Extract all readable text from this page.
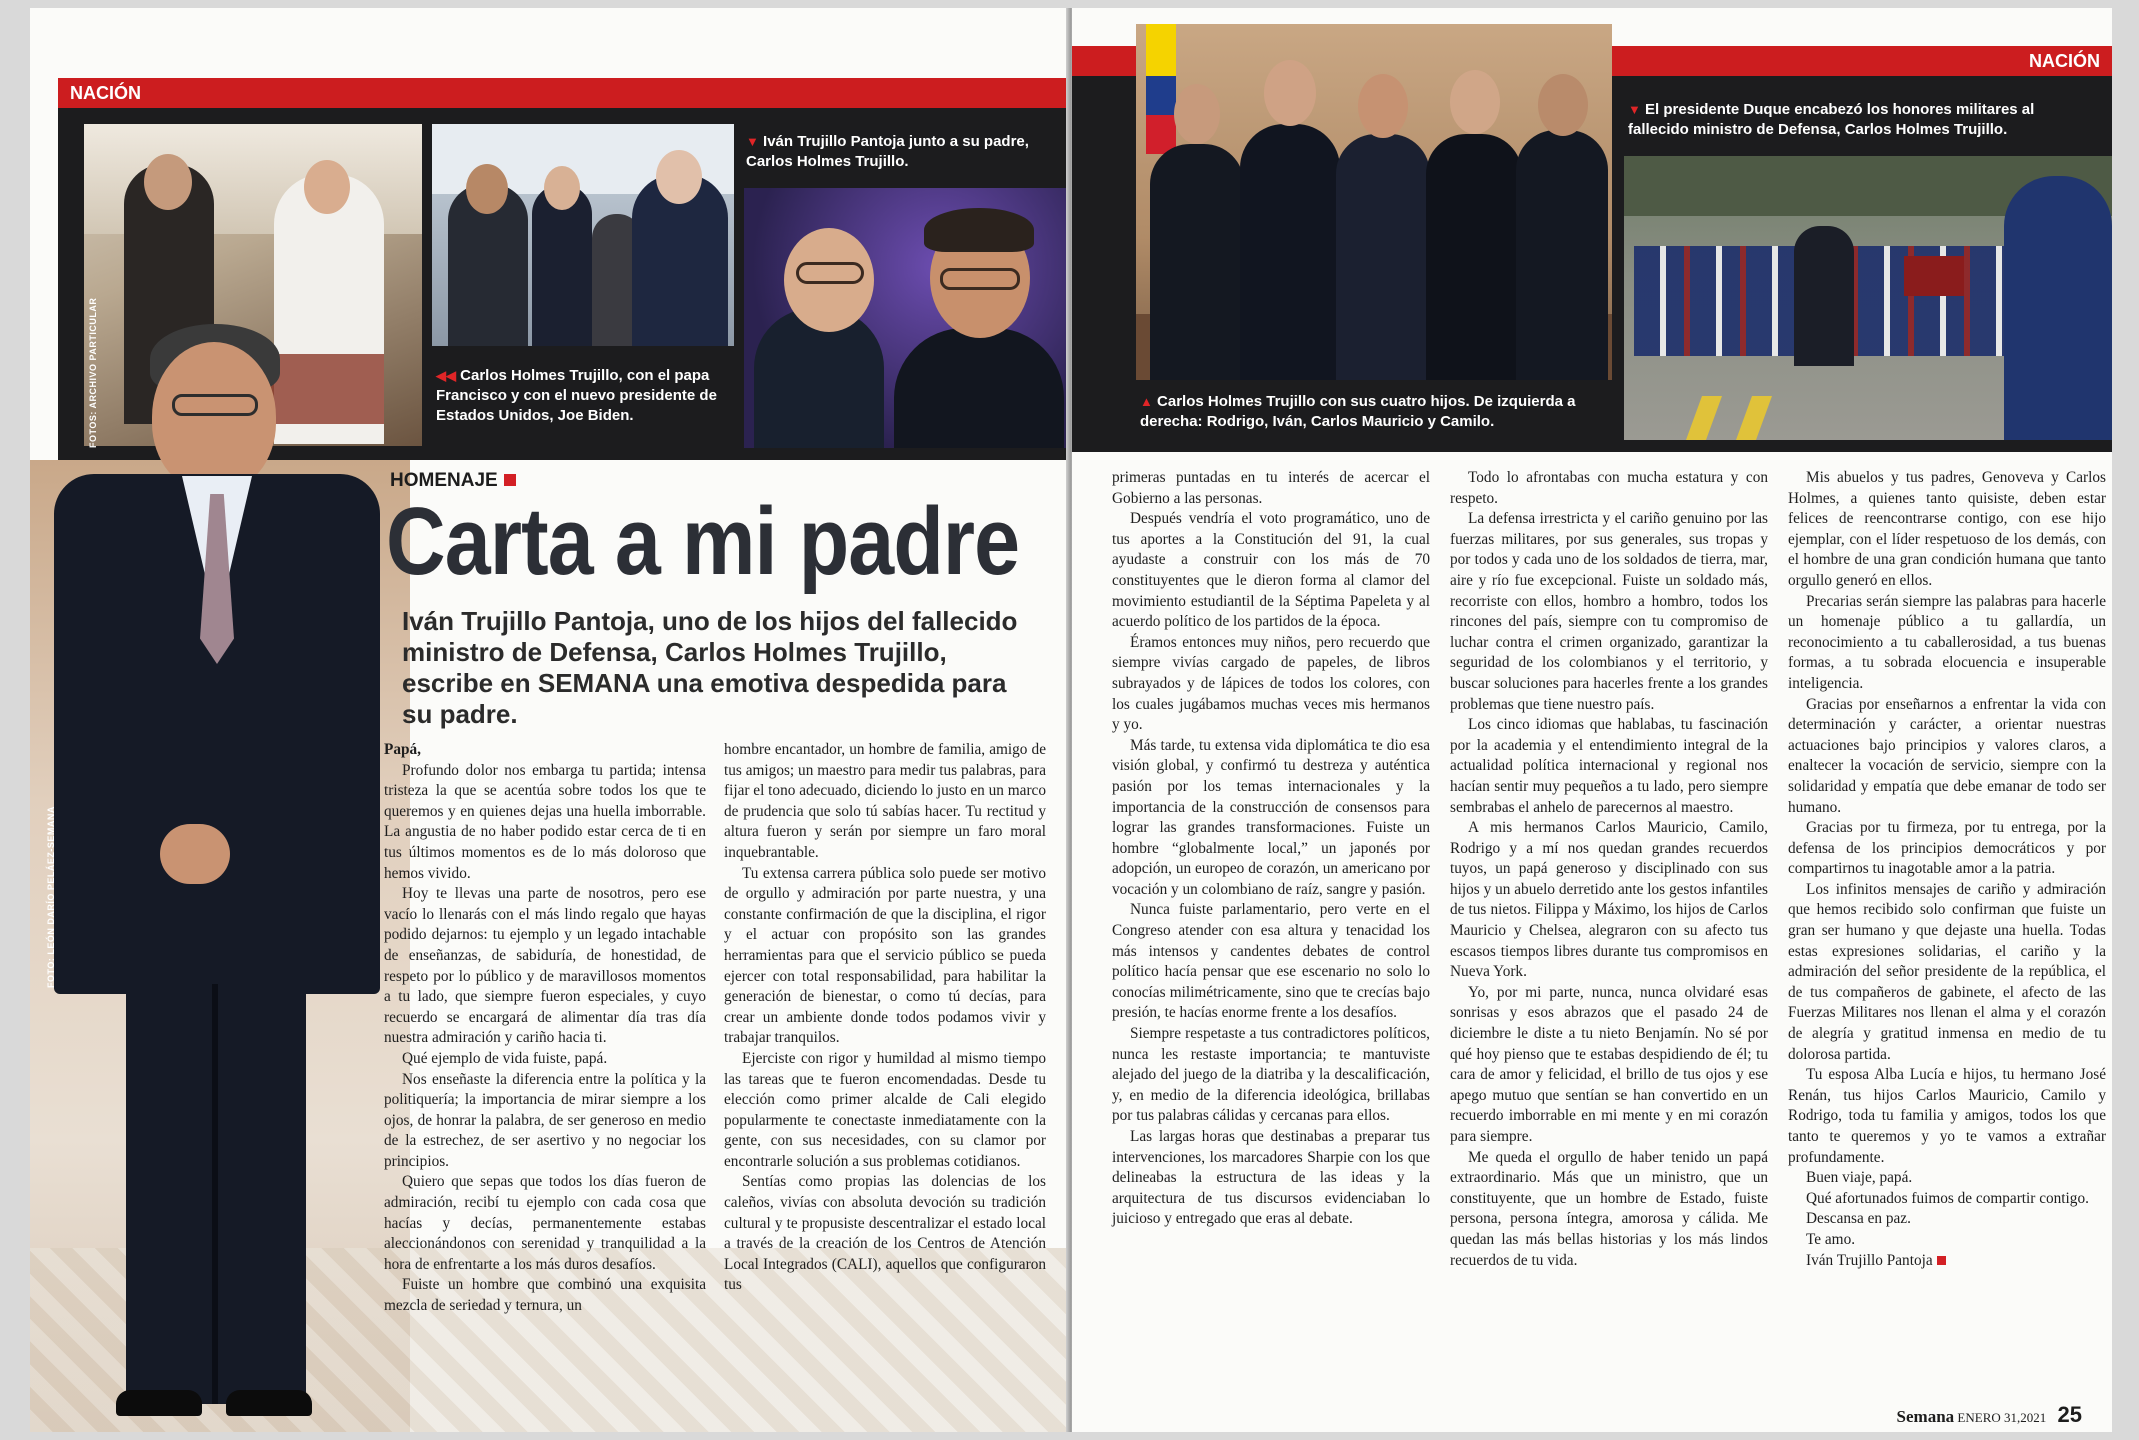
NACIÓN
FOTOS: ARCHIVO PARTICULAR
▼ Iván Trujillo Pantoja junto a su padre, Carlos Holmes Trujillo.
◀◀ Carlos Holmes Trujillo, con el papa Francisco y con el nuevo presidente de Estados Unidos, Joe Biden.
FOTO: LEÓN DARÍO PELÁEZ-SEMANA
HOMENAJE
Carta a mi padre
Iván Trujillo Pantoja, uno de los hijos del fallecido ministro de Defensa, Carlos Holmes Trujillo, escribe en SEMANA una emotiva despedida para su padre.

Papá,

Profundo dolor nos embarga tu partida; intensa tristeza la que se acentúa sobre todos los que te queremos y en quienes dejas una huella imborrable. La angustia de no haber podido estar cerca de ti en tus últimos momentos es de lo más doloroso que hemos vivido.

Hoy te llevas una parte de nosotros, pero ese vacío lo llenarás con el más lindo regalo que hayas podido dejarnos: tu ejemplo y un legado intachable de enseñanzas, de sabiduría, de honestidad, de respeto por lo público y de maravillosos momentos a tu lado, que siempre fueron especiales, y cuyo recuerdo se encargará de alimentar día tras día nuestra admiración y cariño hacia ti.

Qué ejemplo de vida fuiste, papá.

Nos enseñaste la diferencia entre la política y la politiquería; la importancia de mirar siempre a los ojos, de honrar la palabra, de ser generoso en medio de la estrechez, de ser asertivo y no negociar los principios.

Quiero que sepas que todos los días fueron de admiración, recibí tu ejemplo con cada cosa que hacías y decías, permanentemente estabas aleccionándonos con serenidad y tranquilidad a la hora de enfrentarte a los más duros desafíos.

Fuiste un hombre que combinó una exquisita mezcla de seriedad y ternura, un

hombre encantador, un hombre de familia, amigo de tus amigos; un maestro para medir tus palabras, para fijar el tono adecuado, diciendo lo justo en un marco de prudencia que solo tú sabías hacer. Tu rectitud y altura fueron y serán por siempre un faro moral inquebrantable.

Tu extensa carrera pública solo puede ser motivo de orgullo y admiración por parte nuestra, y una constante confirmación de que la disciplina, el rigor y el actuar con propósito son las grandes herramientas para que el servicio público se pueda ejercer con total responsabilidad, para habilitar la generación de bienestar, o como tú decías, para crear un ambiente donde todos podamos vivir y trabajar tranquilos.

Ejerciste con rigor y humildad al mismo tiempo las tareas que te fueron encomendadas. Desde tu elección como primer alcalde de Cali elegido popularmente te conectaste inmediatamente con la gente, con sus necesidades, con su clamor por encontrarle solución a sus problemas cotidianos.

Sentías como propias las dolencias de los caleños, vivías con absoluta devoción su tradición cultural y te propusiste descentralizar el estado local a través de la creación de los Centros de Atención Local Integrados (CALI), aquellos que configuraron tus

NACIÓN
▲ Carlos Holmes Trujillo con sus cuatro hijos. De izquierda a derecha: Rodrigo, Iván, Carlos Mauricio y Camilo.
▼ El presidente Duque encabezó los honores militares al fallecido ministro de Defensa, Carlos Holmes Trujillo.

primeras puntadas en tu interés de acercar el Gobierno a las personas.

Después vendría el voto programático, uno de tus aportes a la Constitución del 91, la cual ayudaste a construir con los más de 70 constituyentes que le dieron forma al clamor del movimiento estudiantil de la Séptima Papeleta y al acuerdo político de los partidos de la época.

Éramos entonces muy niños, pero recuerdo que siempre vivías cargado de papeles, de libros subrayados y de lápices de todos los colores, con los cuales jugábamos muchas veces mis hermanos y yo.

Más tarde, tu extensa vida diplomática te dio esa visión global, y confirmó tu destreza y auténtica pasión por los temas internacionales y la importancia de la construcción de consensos para lograr las grandes transformaciones. Fuiste un hombre “globalmente local,” un japonés por adopción, un europeo de corazón, un americano por vocación y un colombiano de raíz, sangre y pasión.

Nunca fuiste parlamentario, pero verte en el Congreso atender con esa altura y tenacidad los más intensos y candentes debates de control político hacía pensar que ese escenario no solo lo conocías milimétricamente, sino que te crecías bajo presión, te hacías enorme frente a los desafíos.

Siempre respetaste a tus contradictores políticos, nunca les restaste importancia; te mantuviste alejado del juego de la diatriba y la descalificación, y, en medio de la diferencia ideológica, brillabas por tus palabras cálidas y cercanas para ellos.

Las largas horas que destinabas a preparar tus intervenciones, los marcadores Sharpie con los que delineabas la estructura de las ideas y la arquitectura de tus discursos evidenciaban lo juicioso y entregado que eras al debate.

Todo lo afrontabas con mucha estatura y con respeto.

La defensa irrestricta y el cariño genuino por las fuerzas militares, por sus generales, sus tropas y por todos y cada uno de los soldados de tierra, mar, aire y río fue excepcional. Fuiste un soldado más, recorriste con ellos, hombro a hombro, todos los rincones del país, siempre con tu compromiso de luchar contra el crimen organizado, garantizar la seguridad de los colombianos y el territorio, y buscar soluciones para hacerles frente a los grandes problemas que tiene nuestro país.

Los cinco idiomas que hablabas, tu fascinación por la academia y el entendimiento integral de la actualidad política internacional y regional nos hacían sentir muy pequeños a tu lado, pero siempre sembrabas el anhelo de parecernos al maestro.

A mis hermanos Carlos Mauricio, Camilo, Rodrigo y a mí nos quedan grandes recuerdos tuyos, un papá generoso y disciplinado con sus hijos y un abuelo derretido ante los gestos infantiles de tus nietos. Filippa y Máximo, los hijos de Carlos Mauricio y Chelsea, alegraron con su afecto tus escasos tiempos libres durante tus compromisos en Nueva York.

Yo, por mi parte, nunca, nunca olvidaré esas sonrisas y esos abrazos que el pasado 24 de diciembre le diste a tu nieto Benjamín. No sé por qué hoy pienso que te estabas despidiendo de él; tu cara de amor y felicidad, el brillo de tus ojos y ese apego mutuo que sentían se han convertido en un recuerdo imborrable en mi mente y en mi corazón para siempre.

Me queda el orgullo de haber tenido un papá extraordinario. Más que un ministro, que un constituyente, que un hombre de Estado, fuiste persona, persona íntegra, amorosa y cálida. Me quedan las más bellas historias y los más lindos recuerdos de tu vida.

Mis abuelos y tus padres, Genoveva y Carlos Holmes, a quienes tanto quisiste, deben estar felices de reencontrarse contigo, con ese hijo ejemplar, con el líder respetuoso de los demás, con el hombre de una gran condición humana que tanto orgullo generó en ellos.

Precarias serán siempre las palabras para hacerle un homenaje público a tu gallardía, un reconocimiento a tu caballerosidad, a tus buenas formas, a tu sobrada elocuencia e insuperable inteligencia.

Gracias por enseñarnos a enfrentar la vida con determinación y carácter, a orientar nuestras actuaciones bajo principios y valores claros, a enaltecer la vocación de servicio, siempre con la solidaridad y empatía que debe emanar de todo ser humano.

Gracias por tu firmeza, por tu entrega, por la defensa de los principios democráticos y por compartirnos tu inagotable amor a la patria.

Los infinitos mensajes de cariño y admiración que hemos recibido solo confirman que fuiste un gran ser humano y que dejaste una huella. Todas estas expresiones solidarias, el cariño y la admiración del señor presidente de la república, el de tus compañeros de gabinete, el afecto de las Fuerzas Militares nos llenan el alma y el corazón de alegría y gratitud inmensa en medio de tu dolorosa partida.

Tu esposa Alba Lucía e hijos, tu hermano José Renán, tus hijos Carlos Mauricio, Camilo y Rodrigo, toda tu familia y amigos, todos los que tanto te queremos y yo te vamos a extrañar profundamente.

Buen viaje, papá.

Qué afortunados fuimos de compartir contigo.

Descansa en paz.

Te amo.

Iván Trujillo Pantoja

Semana ENERO 31,2021 25
